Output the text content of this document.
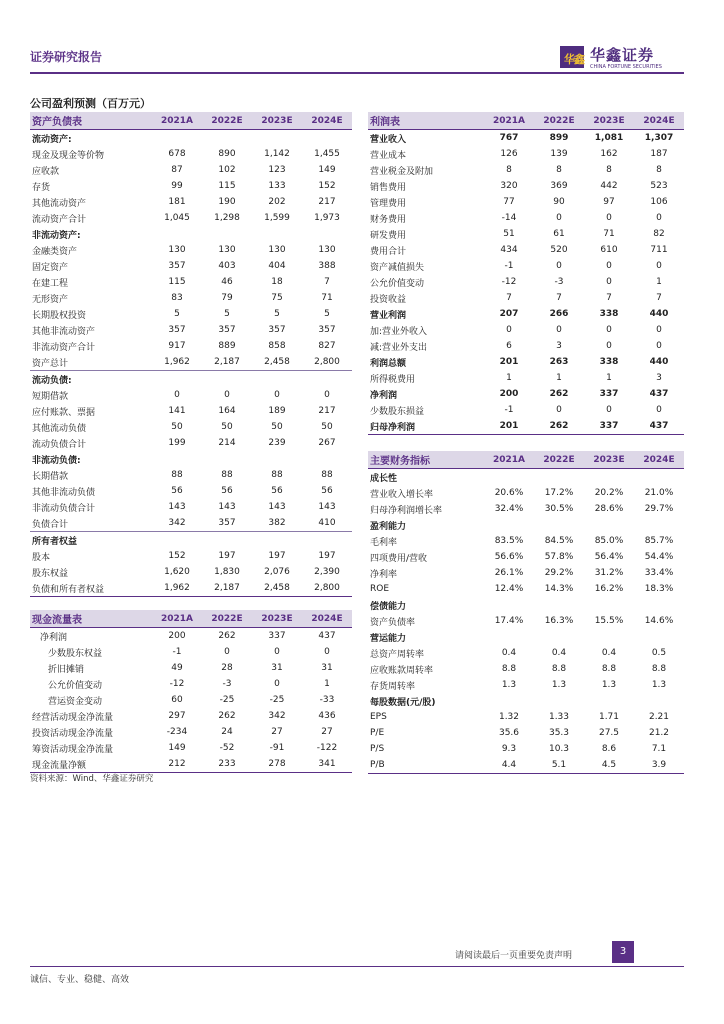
证券研究报告	华鑫 华鑫证券
CHINA FORTUNE SECURITIES
公司盈利预测（百万元）
资产负债表	2021A	2022E	2023E	2024E
流动资产:				
现金及现金等价物	678	890	1,142	1,455
应收款	87	102	123	149
存货	99	115	133	152
其他流动资产	181	190	202	217
流动资产合计	1,045	1,298	1,599	1,973
非流动资产:				
金融类资产	130	130	130	130
固定资产	357	403	404	388
在建工程	115	46	18	7
无形资产	83	79	75	71
长期股权投资	5	5	5	5
其他非流动资产	357	357	357	357
非流动资产合计	917	889	858	827
资产总计	1,962	2,187	2,458	2,800
流动负债:				
短期借款	0	0	0	0
应付账款、票据	141	164	189	217
其他流动负债	50	50	50	50
流动负债合计	199	214	239	267
非流动负债:				
长期借款	88	88	88	88
其他非流动负债	56	56	56	56
非流动负债合计	143	143	143	143
负债合计	342	357	382	410
所有者权益				
股本	152	197	197	197
股东权益	1,620	1,830	2,076	2,390
负债和所有者权益	1,962	2,187	2,458	2,800
利润表	2021A	2022E	2023E	2024E
营业收入	767	899	1,081	1,307
营业成本	126	139	162	187
营业税金及附加	8	8	8	8
销售费用	320	369	442	523
管理费用	77	90	97	106
财务费用	-14	0	0	0
研发费用	51	61	71	82
费用合计	434	520	610	711
资产减值损失	-1	0	0	0
公允价值变动	-12	-3	0	1
投资收益	7	7	7	7
营业利润	207	266	338	440
加:营业外收入	0	0	0	0
减:营业外支出	6	3	0	0
利润总额	201	263	338	440
所得税费用	1	1	1	3
净利润	200	262	337	437
少数股东损益	-1	0	0	0
归母净利润	201	262	337	437
主要财务指标	2021A	2022E	2023E	2024E
成长性				
营业收入增长率	20.6%	17.2%	20.2%	21.0%
归母净利润增长率	32.4%	30.5%	28.6%	29.7%
盈利能力				
毛利率	83.5%	84.5%	85.0%	85.7%
四项费用/营收	56.6%	57.8%	56.4%	54.4%
净利率	26.1%	29.2%	31.2%	33.4%
ROE	12.4%	14.3%	16.2%	18.3%
偿债能力				
资产负债率	17.4%	16.3%	15.5%	14.6%
营运能力				
总资产周转率	0.4	0.4	0.4	0.5
应收账款周转率	8.8	8.8	8.8	8.8
存货周转率	1.3	1.3	1.3	1.3
每股数据(元/股)				
EPS	1.32	1.33	1.71	2.21
P/E	35.6	35.3	27.5	21.2
P/S	9.3	10.3	8.6	7.1
P/B	4.4	5.1	4.5	3.9
现金流量表	2021A	2022E	2023E	2024E
净利润	200	262	337	437
少数股东权益	-1	0	0	0
折旧摊销	49	28	31	31
公允价值变动	-12	-3	0	1
营运资金变动	60	-25	-25	-33
经营活动现金净流量	297	262	342	436
投资活动现金净流量	-234	24	27	27
筹资活动现金净流量	149	-52	-91	-122
现金流量净额	212	233	278	341
资料来源：Wind、华鑫证券研究
请阅读最后一页重要免责声明	3
诚信、专业、稳健、高效
